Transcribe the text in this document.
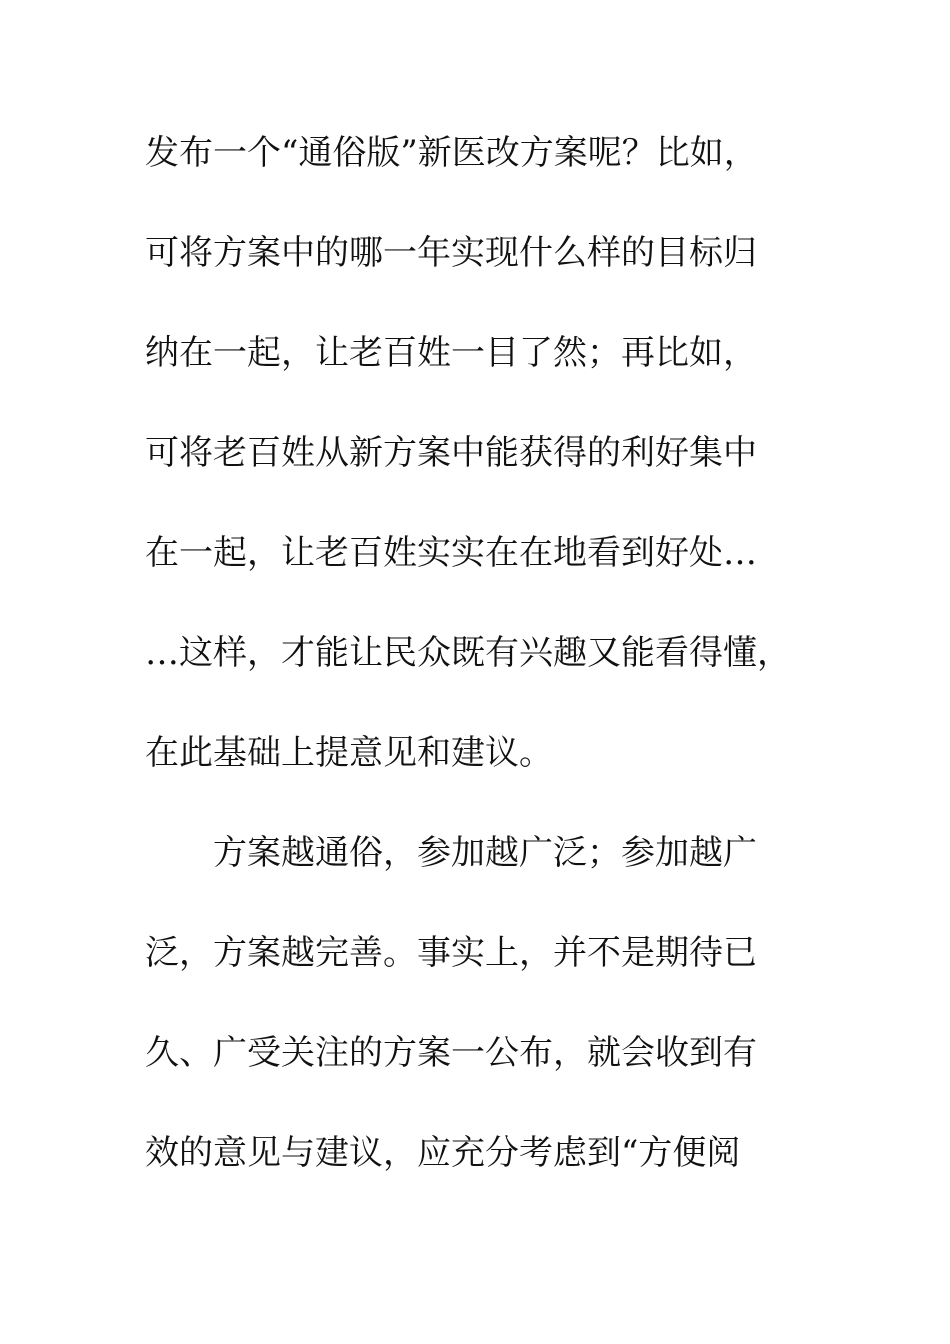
发布一个“通俗版”新医改方案呢？比如，
可将方案中的哪一年实现什么样的目标归
纳在一起，让老百姓一目了然；再比如，
可将老百姓从新方案中能获得的利好集中
在一起，让老百姓实实在在地看到好处…
…这样，才能让民众既有兴趣又能看得懂，
在此基础上提意见和建议。
方案越通俗，参加越广泛；参加越广
泛，方案越完善。事实上，并不是期待已
久、广受关注的方案一公布，就会收到有
效的意见与建议，应充分考虑到“方便阅
